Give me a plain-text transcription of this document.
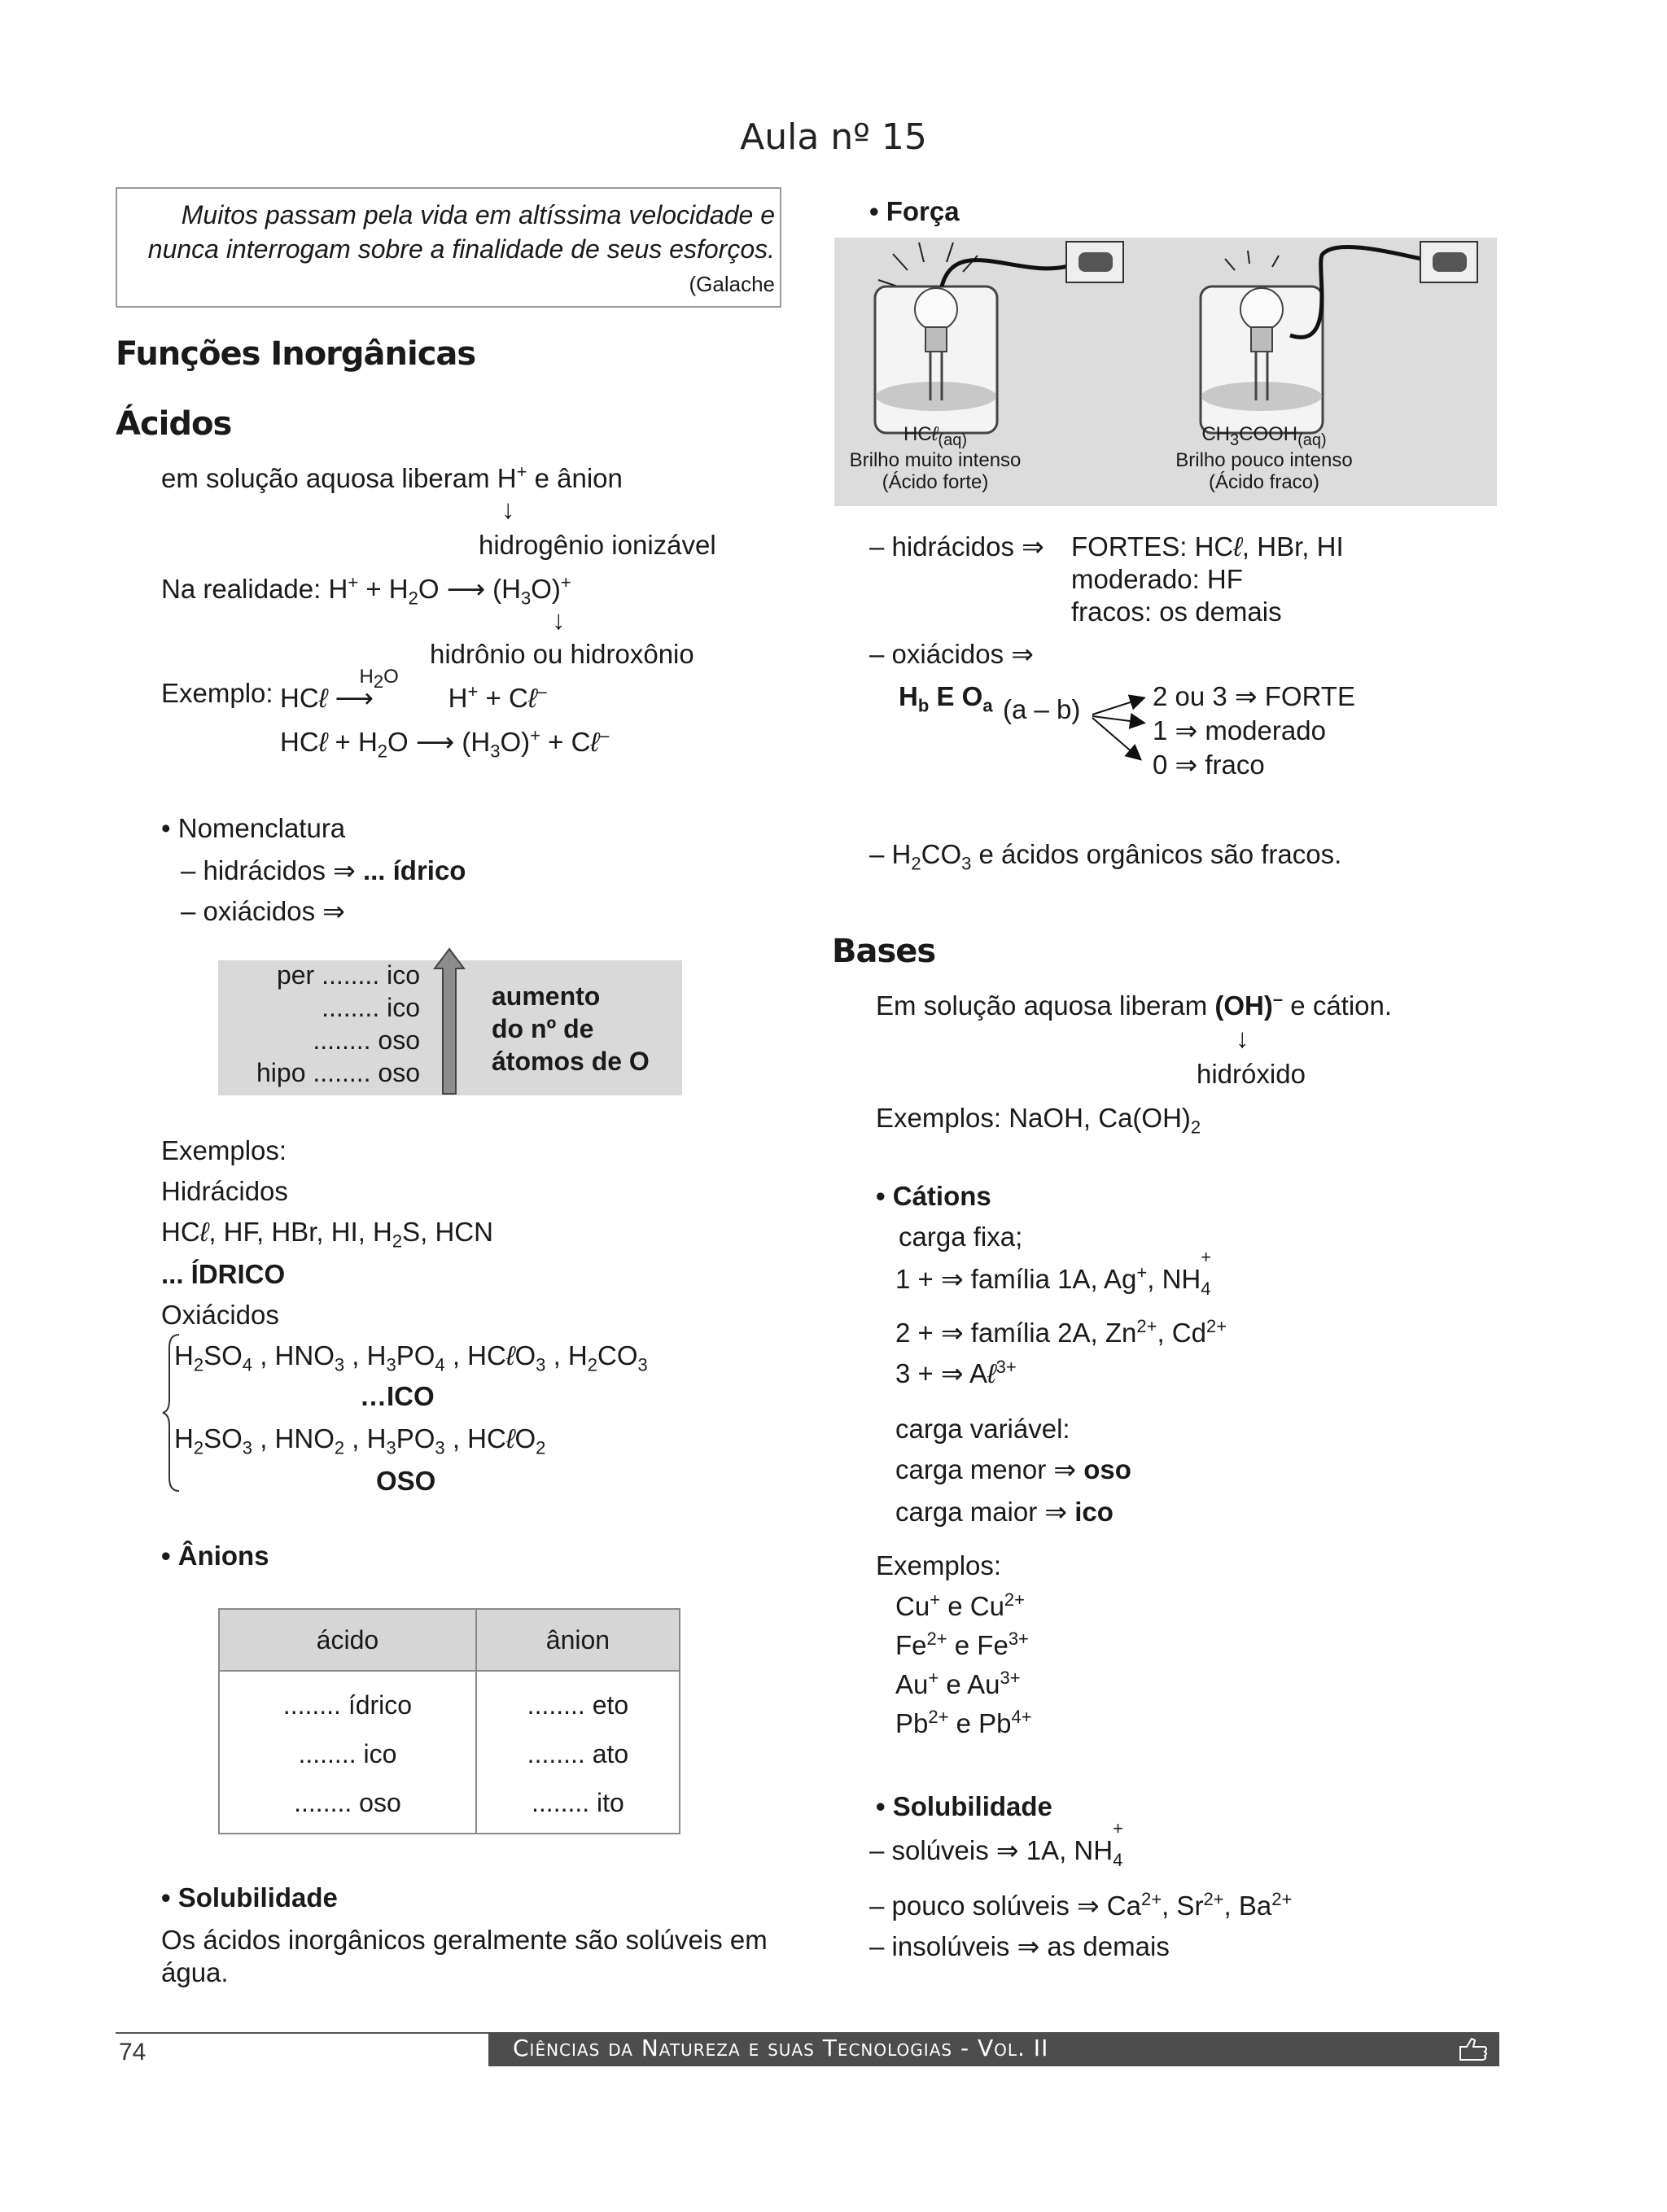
Aula nº 15
Muitos passam pela vida em altíssima velocidade e
nunca interrogam sobre a finalidade de seus esforços.
(Galache
Funções Inorgânicas
Ácidos
em solução aquosa liberam H+ e ânion
↓
hidrogênio ionizável
Na realidade: $H^+ + H_2O$ ⟶ $(H_3O)^+$
↓
hidrônio ou hidroxônio
Exemplo: HCℓ
$H_2O$
⟶	H+ + Cℓ–
HCℓ + $H_2O$ ⟶ $(H_3O)^+$ + Cℓ–
• Nomenclatura
– hidrácidos ⇒ ... ídrico
– oxiácidos ⇒
per ........ ico
........ ico
........ oso
hipo ........ oso
aumento
do nº de
átomos de O
Exemplos:
Hidrácidos
HCℓ, HF, HBr, HI, $H_2S$, HCN
... ÍDRICO
Oxiácidos
$H_2SO_4$ , $HNO_3$ , $H_3PO_4$ , HCℓO$_3$ , $H_2CO_3$
…ICO
$H_2SO_3$ , $HNO_2$ , $H_3PO_3$ , HCℓO$_2$
OSO
• Ânions
ácido	ânion
........ ídrico	........ eto
........ ico	........ ato
........ oso	........ ito
• Solubilidade
Os ácidos inorgânicos geralmente são solúveis em
água.
• Força
HCℓ$_{(aq)}$
Brilho muito intenso
(Ácido forte)
$CH_3COOH_{(aq)}$
Brilho pouco intenso
(Ácido fraco)
– hidrácidos ⇒ FORTES: HCℓ, HBr, HI
moderado: HF
fracos: os demais
– oxiácidos ⇒
$H_b$ E $O_a$ (a – b)	2 ou 3 ⇒ FORTE
1 ⇒ moderado
0 ⇒ fraco
– $H_2CO_3$ e ácidos orgânicos são fracos.
Bases
Em solução aquosa liberam (OH)– e cátion.
↓
hidróxido
Exemplos: NaOH, $Ca(OH)_2$
• Cátions
carga fixa;
1 + ⇒ família 1A, Ag+, NH
$_{+ 4}$
2 + ⇒ família 2A, $Zn^{2+}$, $Cd^{2+}$
3 + ⇒ Aℓ$^{3+}$
carga variável:
carga menor ⇒ oso
carga maior ⇒ ico
Exemplos:
Cu+ e $Cu^{2+}$
$Fe^{2+}$ e $Fe^{3+}$
Au+ e $Au^{3+}$
$Pb^{2+}$ e $Pb^{4+}$
• Solubilidade
– solúveis ⇒ 1A, NH
$_{+ 4}$
– pouco solúveis ⇒ $Ca^{2+}$, $Sr^{2+}$, $Ba^{2+}$
– insolúveis ⇒ as demais
74	Ciências da Natureza e suas Tecnologias - Vol. II
